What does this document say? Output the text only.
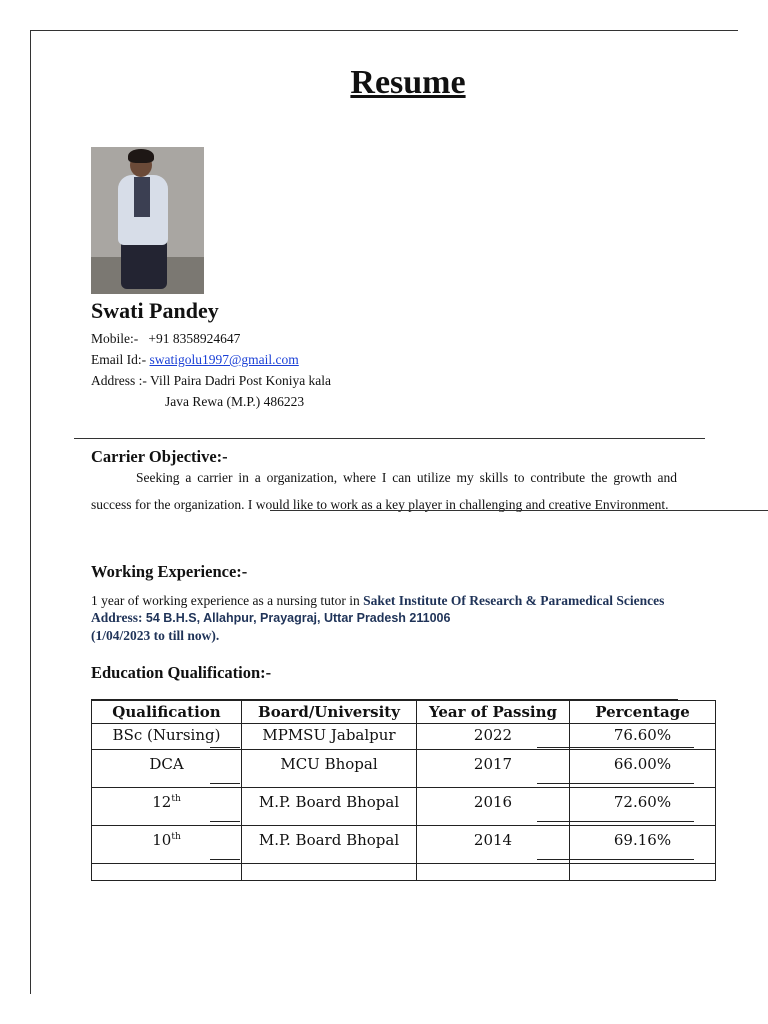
Resume
Swati Pandey
Mobile:- +91 8358924647
Email Id:- swatigolu1997@gmail.com
Address :- Vill Paira Dadri Post Koniya kala
Java Rewa (M.P.) 486223
Carrier Objective:-
Seeking a carrier in a organization, where I can utilize my skills to contribute the growth and success for the organization. I would like to work as a key player in challenging and creative Environment.
Working Experience:-
1 year of working experience as a nursing tutor in Saket Institute Of Research & Paramedical Sciences Address: 54 B.H.S, Allahpur, Prayagraj, Uttar Pradesh 211006
(1/04/2023 to till now).
Education Qualification:-
Qualification	Board/University	Year of Passing	Percentage
BSc (Nursing)	MPMSU Jabalpur	2022	76.60%

DCA	MCU Bhopal	2017	66.00%

12th	M.P. Board Bhopal	2016	72.60%

10th	M.P. Board Bhopal	2014	69.16%
